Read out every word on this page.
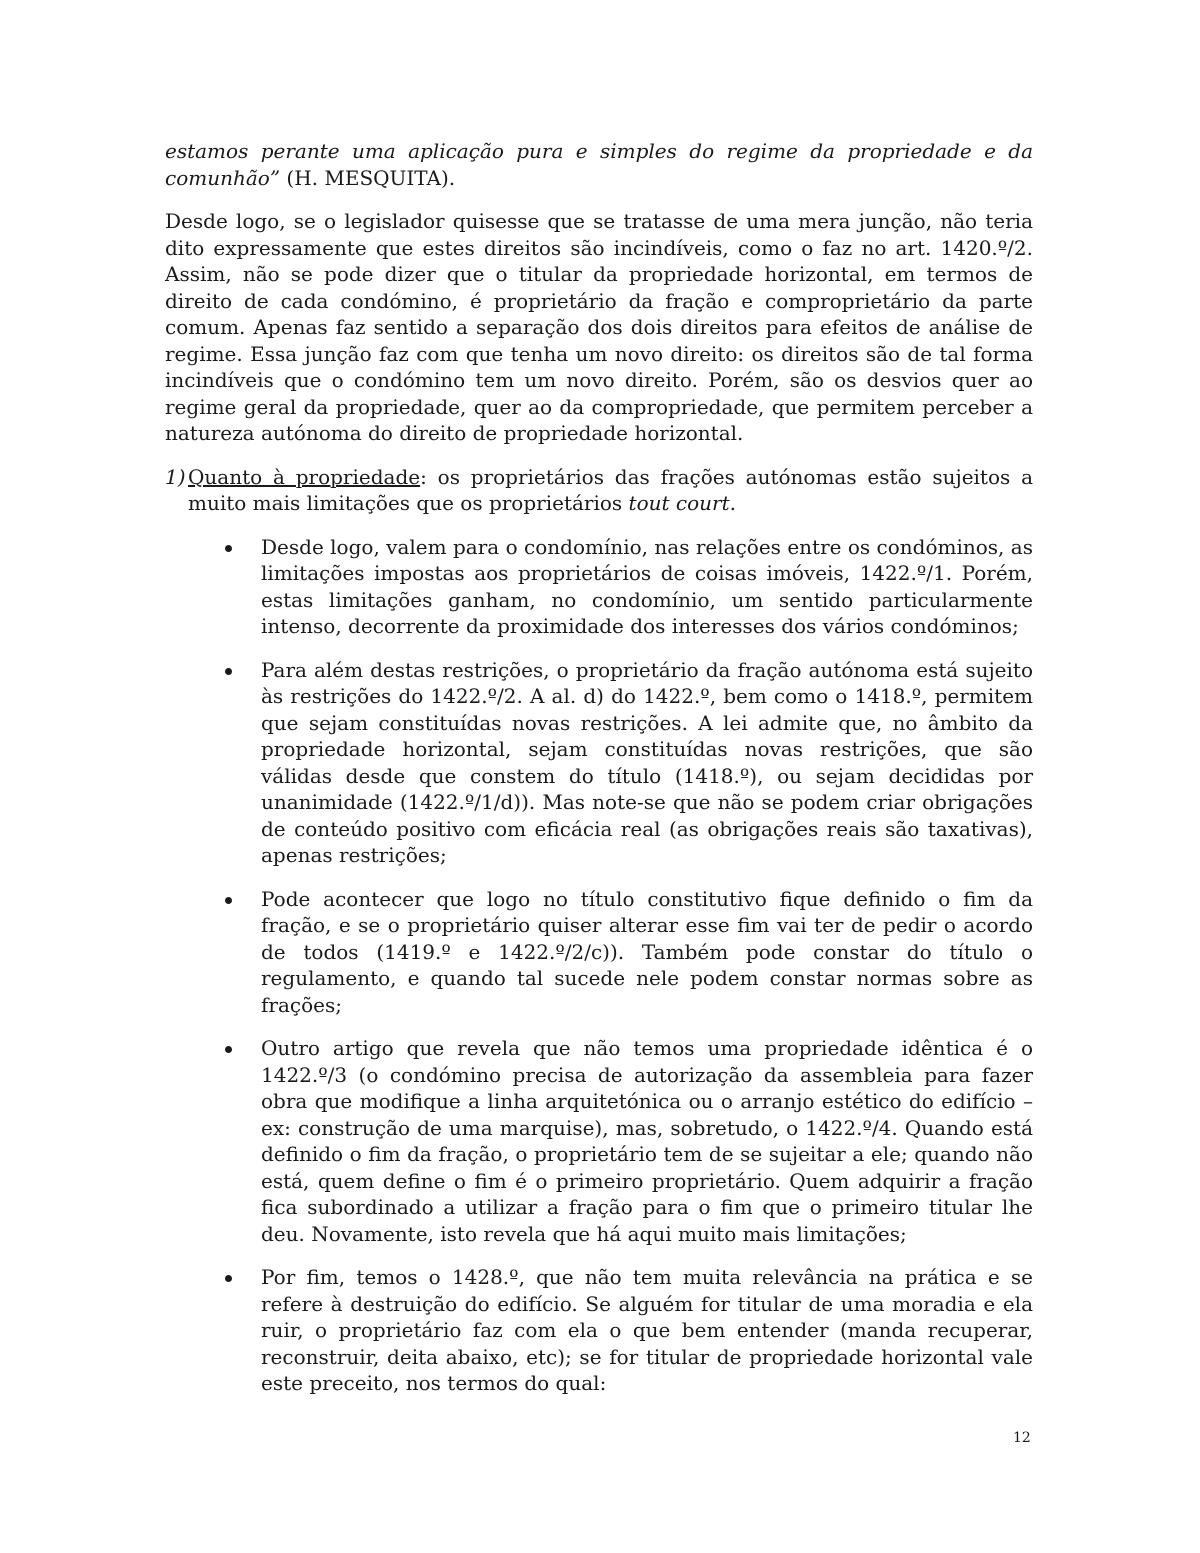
estamos perante uma aplicação pura e simples do regime da propriedade e da comunhão” (H. MESQUITA).

Desde logo, se o legislador quisesse que se tratasse de uma mera junção, não teria dito expressamente que estes direitos são incindíveis, como o faz no art. 1420.º/2. Assim, não se pode dizer que o titular da propriedade horizontal, em termos de direito de cada condómino, é proprietário da fração e comproprietário da parte comum. Apenas faz sentido a separação dos dois direitos para efeitos de análise de regime. Essa junção faz com que tenha um novo direito: os direitos são de tal forma incindíveis que o condómino tem um novo direito. Porém, são os desvios quer ao regime geral da propriedade, quer ao da compropriedade, que permitem perceber a natureza autónoma do direito de propriedade horizontal.

1) Quanto à propriedade: os proprietários das frações autónomas estão sujeitos a muito mais limitações que os proprietários tout court.

Desde logo, valem para o condomínio, nas relações entre os condóminos, as limitações impostas aos proprietários de coisas imóveis, 1422.º/1. Porém, estas limitações ganham, no condomínio, um sentido particularmente intenso, decorrente da proximidade dos interesses dos vários condóminos;

Para além destas restrições, o proprietário da fração autónoma está sujeito às restrições do 1422.º/2. A al. d) do 1422.º, bem como o 1418.º, permitem que sejam constituídas novas restrições. A lei admite que, no âmbito da propriedade horizontal, sejam constituídas novas restrições, que são válidas desde que constem do título (1418.º), ou sejam decididas por unanimidade (1422.º/1/d)). Mas note-se que não se podem criar obrigações de conteúdo positivo com eficácia real (as obrigações reais são taxativas), apenas restrições;

Pode acontecer que logo no título constitutivo fique definido o fim da fração, e se o proprietário quiser alterar esse fim vai ter de pedir o acordo de todos (1419.º e 1422.º/2/c)). Também pode constar do título o regulamento, e quando tal sucede nele podem constar normas sobre as frações;

Outro artigo que revela que não temos uma propriedade idêntica é o 1422.º/3 (o condómino precisa de autorização da assembleia para fazer obra que modifique a linha arquitetónica ou o arranjo estético do edifício – ex: construção de uma marquise), mas, sobretudo, o 1422.º/4. Quando está definido o fim da fração, o proprietário tem de se sujeitar a ele; quando não está, quem define o fim é o primeiro proprietário. Quem adquirir a fração fica subordinado a utilizar a fração para o fim que o primeiro titular lhe deu. Novamente, isto revela que há aqui muito mais limitações;

Por fim, temos o 1428.º, que não tem muita relevância na prática e se refere à destruição do edifício. Se alguém for titular de uma moradia e ela ruir, o proprietário faz com ela o que bem entender (manda recuperar, reconstruir, deita abaixo, etc); se for titular de propriedade horizontal vale este preceito, nos termos do qual:

12
